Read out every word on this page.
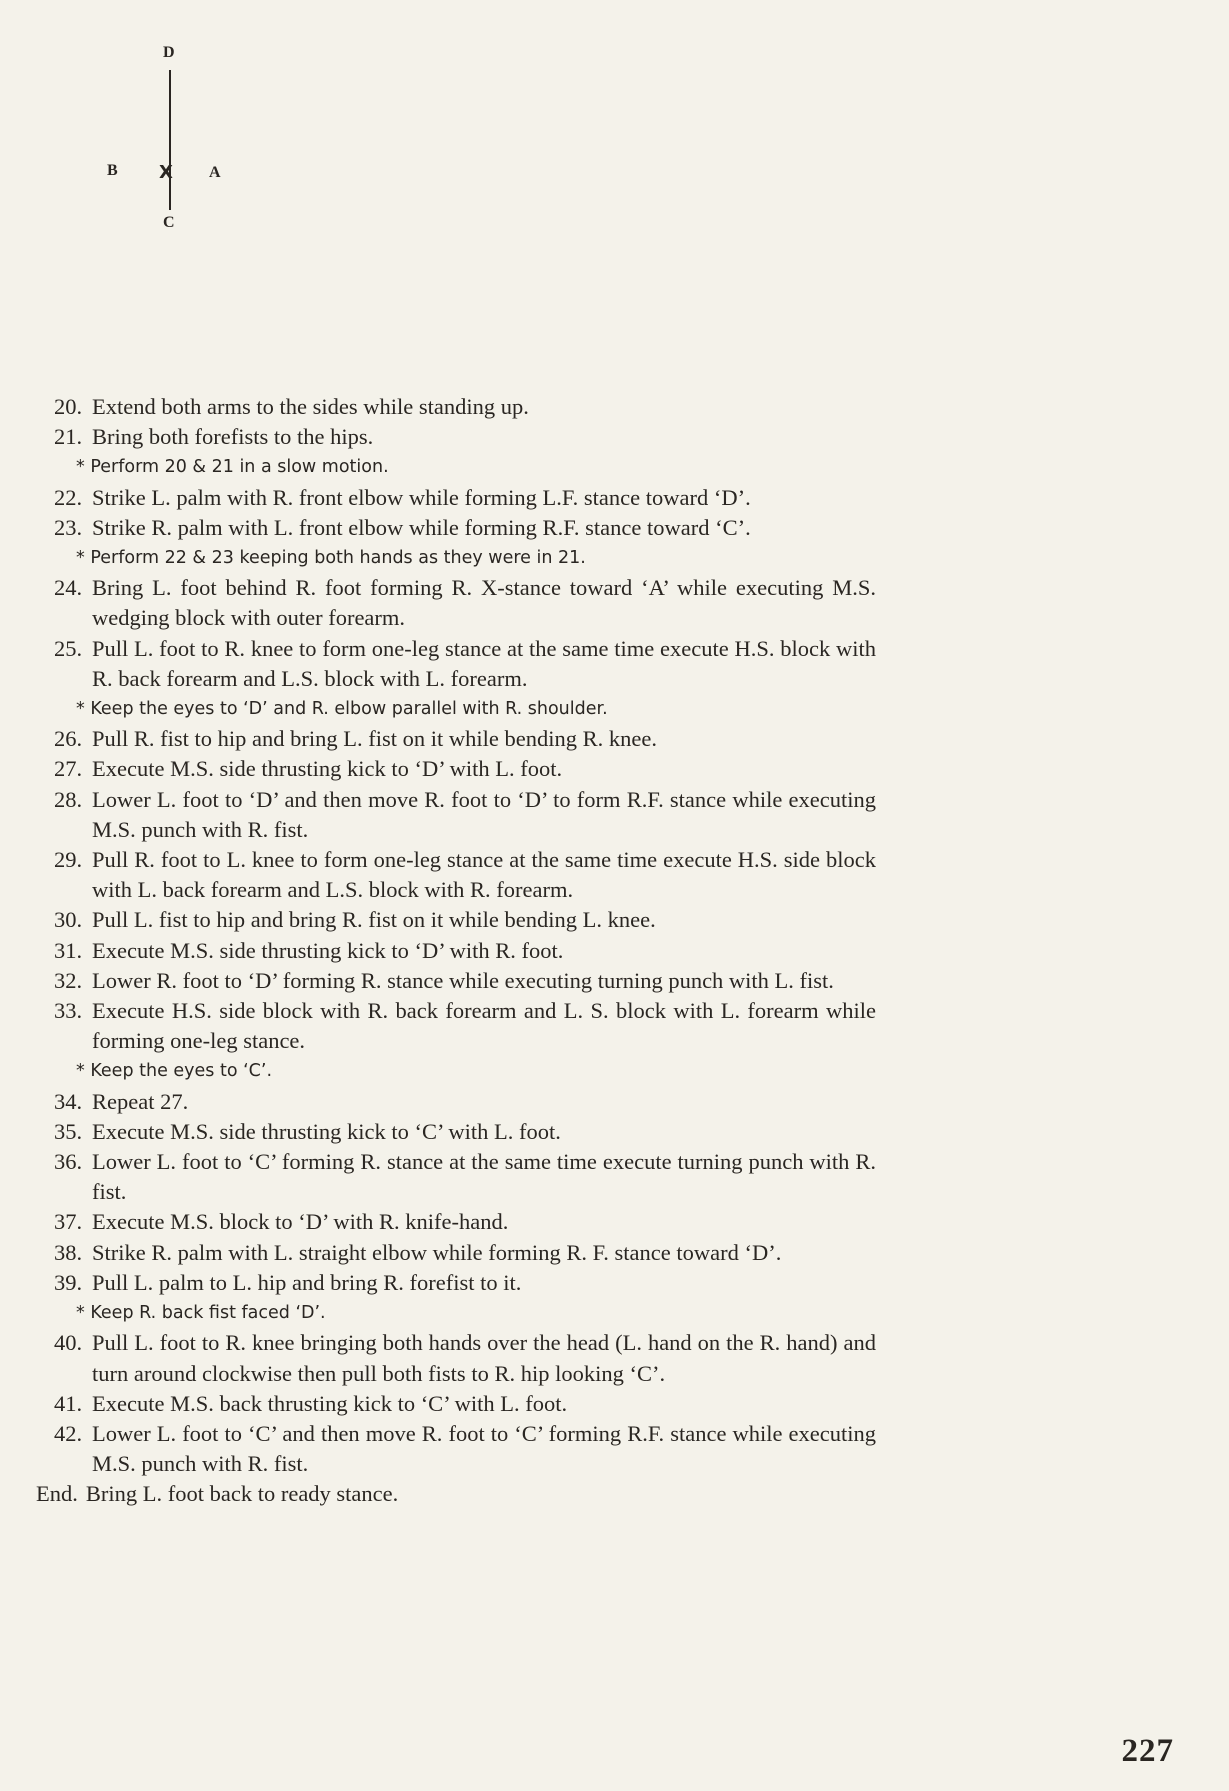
D
B X A
C
20. Extend both arms to the sides while standing up.
21. Bring both forefists to the hips.
* Perform 20 & 21 in a slow motion.
22. Strike L. palm with R. front elbow while forming L.F. stance toward ‘D’.
23. Strike R. palm with L. front elbow while forming R.F. stance toward ‘C’.
* Perform 22 & 23 keeping both hands as they were in 21.
24. Bring L. foot behind R. foot forming R. X-stance toward ‘A’ while executing M.S. wedging block with outer forearm.
25. Pull L. foot to R. knee to form one-leg stance at the same time execute H.S. block with R. back forearm and L.S. block with L. forearm.
* Keep the eyes to ‘D’ and R. elbow parallel with R. shoulder.
26. Pull R. fist to hip and bring L. fist on it while bending R. knee.
27. Execute M.S. side thrusting kick to ‘D’ with L. foot.
28. Lower L. foot to ‘D’ and then move R. foot to ‘D’ to form R.F. stance while executing M.S. punch with R. fist.
29. Pull R. foot to L. knee to form one-leg stance at the same time execute H.S. side block with L. back forearm and L.S. block with R. forearm.
30. Pull L. fist to hip and bring R. fist on it while bending L. knee.
31. Execute M.S. side thrusting kick to ‘D’ with R. foot.
32. Lower R. foot to ‘D’ forming R. stance while executing turning punch with L. fist.
33. Execute H.S. side block with R. back forearm and L. S. block with L. forearm while forming one-leg stance.
* Keep the eyes to ‘C’.
34. Repeat 27.
35. Execute M.S. side thrusting kick to ‘C’ with L. foot.
36. Lower L. foot to ‘C’ forming R. stance at the same time execute turning punch with R. fist.
37. Execute M.S. block to ‘D’ with R. knife-hand.
38. Strike R. palm with L. straight elbow while forming R. F. stance toward ‘D’.
39. Pull L. palm to L. hip and bring R. forefist to it.
* Keep R. back fist faced ‘D’.
40. Pull L. foot to R. knee bringing both hands over the head (L. hand on the R. hand) and turn around clockwise then pull both fists to R. hip looking ‘C’.
41. Execute M.S. back thrusting kick to ‘C’ with L. foot.
42. Lower L. foot to ‘C’ and then move R. foot to ‘C’ forming R.F. stance while executing M.S. punch with R. fist.
End. Bring L. foot back to ready stance.
227
